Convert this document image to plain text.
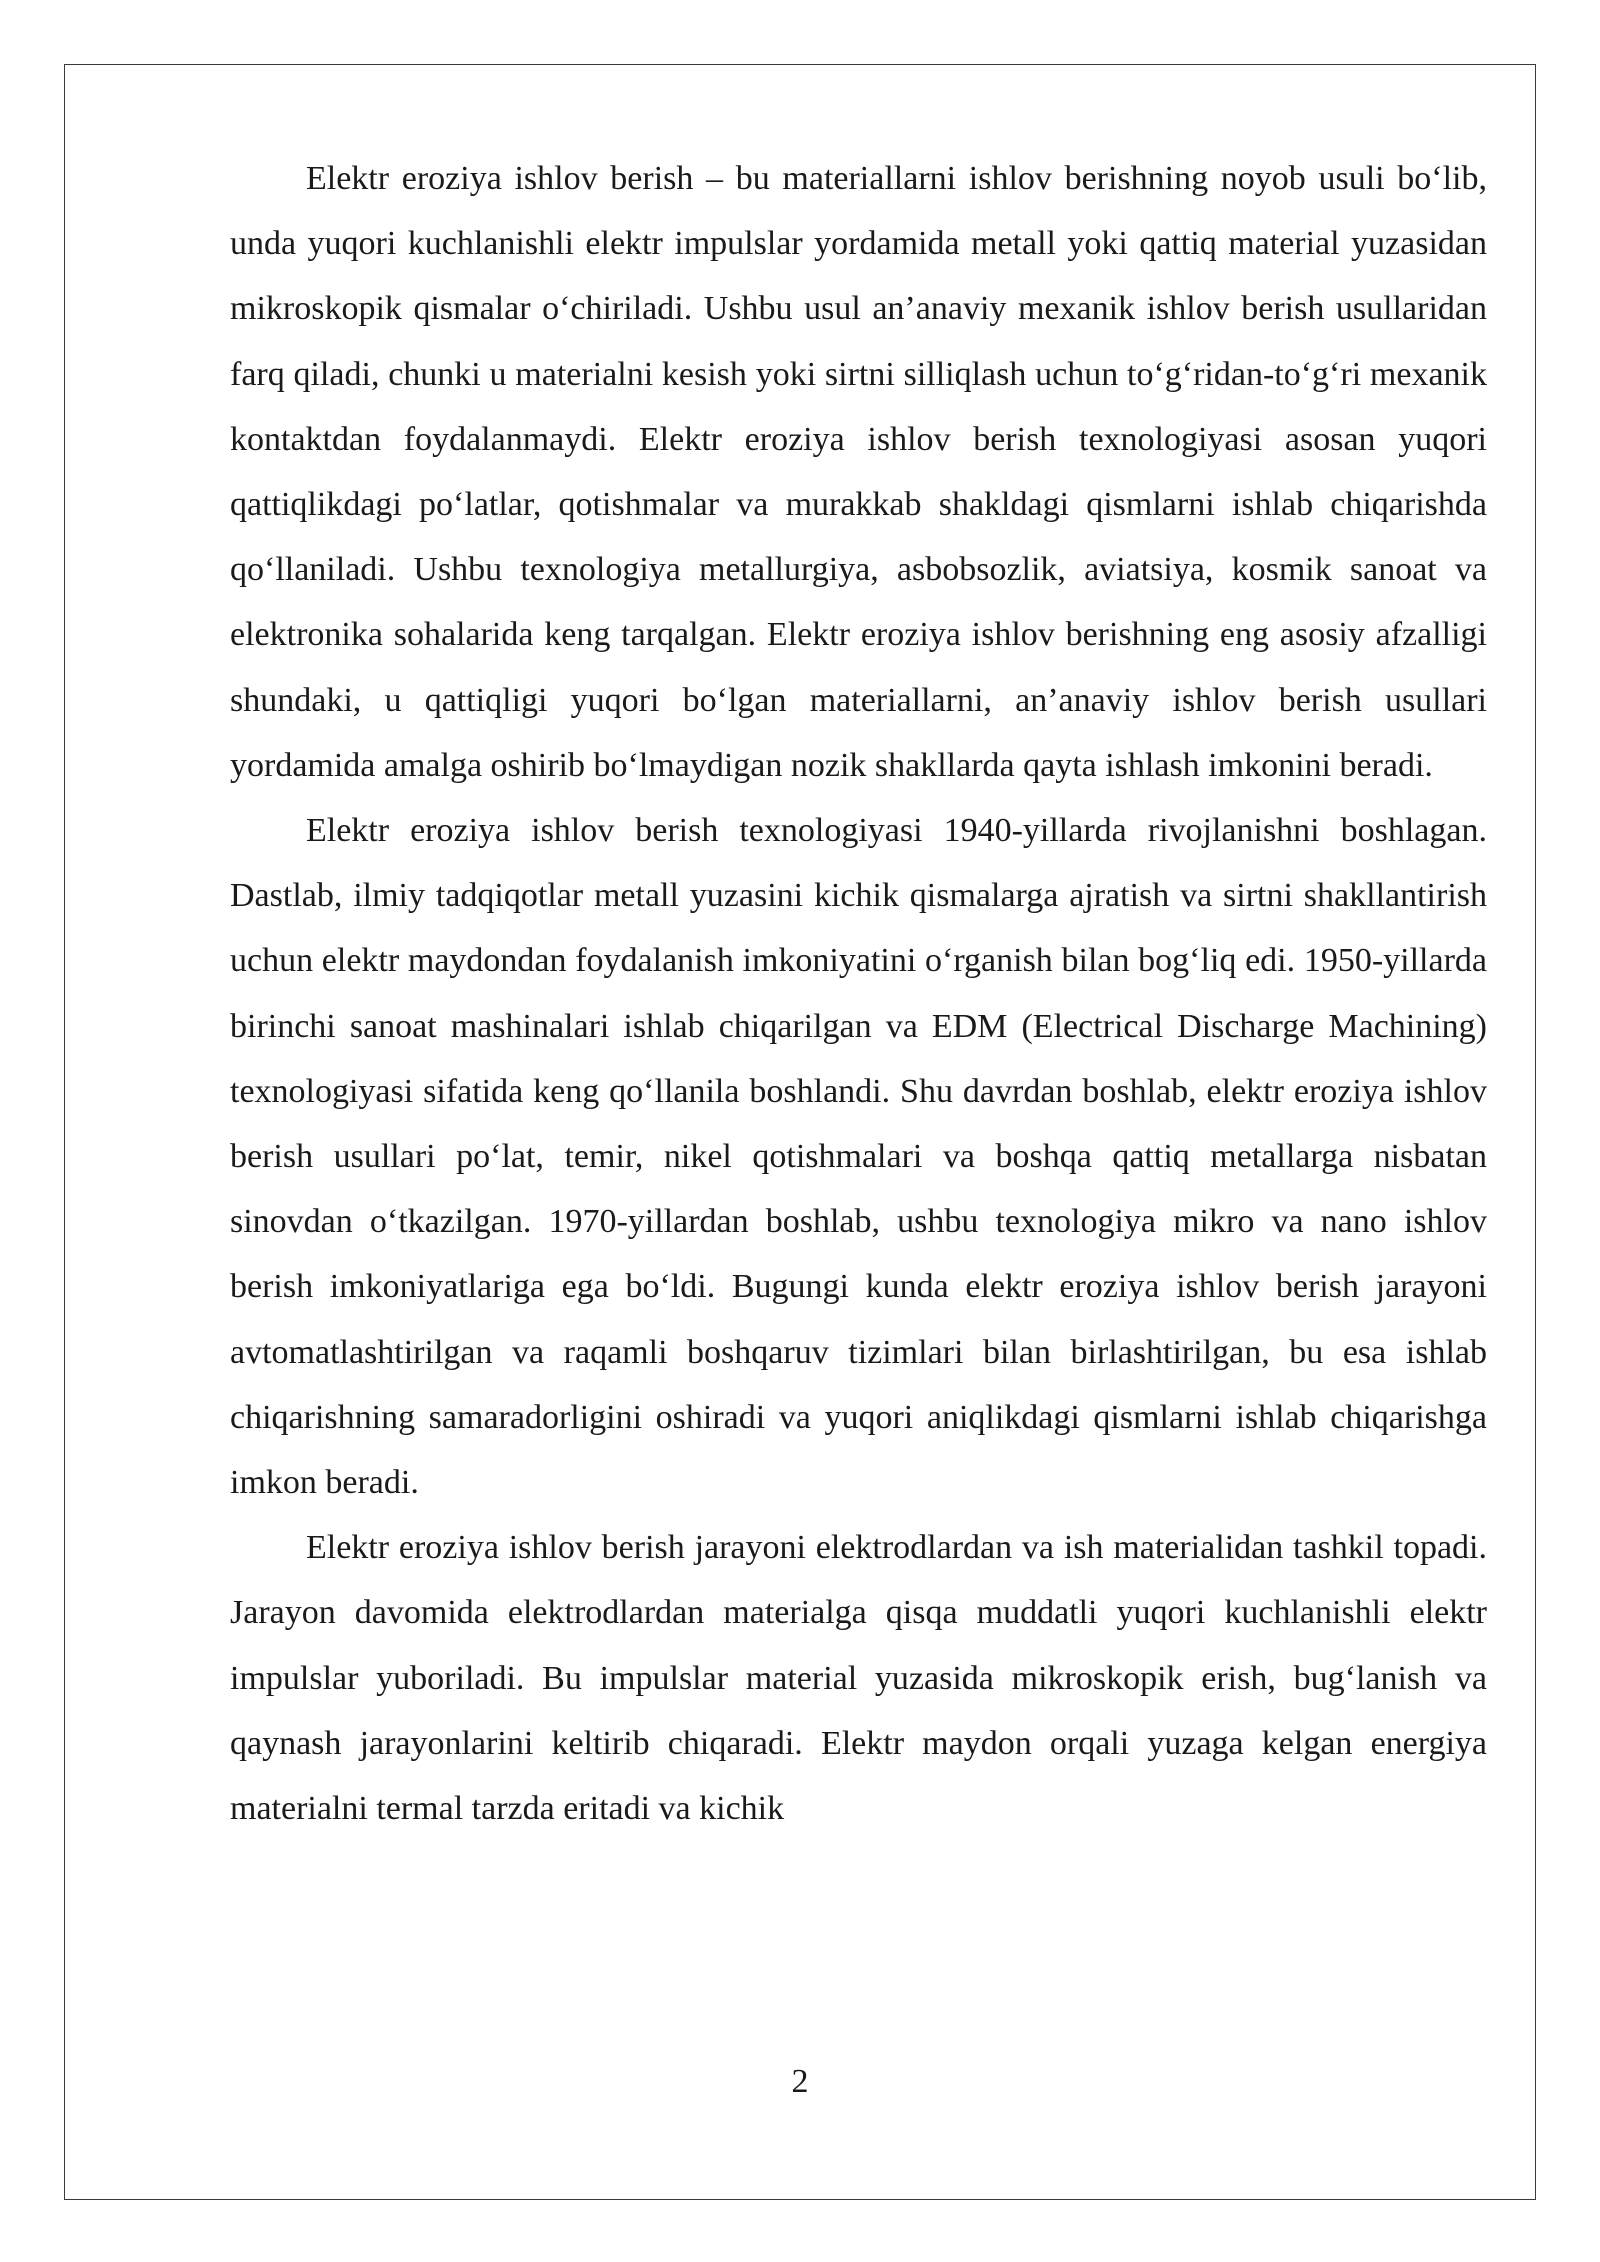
Elektr eroziya ishlov berish – bu materiallarni ishlov berishning noyob usuli bo‘lib, unda yuqori kuchlanishli elektr impulslar yordamida metall yoki qattiq material yuzasidan mikroskopik qismalar o‘chiriladi. Ushbu usul an’anaviy mexanik ishlov berish usullaridan farq qiladi, chunki u materialni kesish yoki sirtni silliqlash uchun to‘g‘ridan-to‘g‘ri mexanik kontaktdan foydalanmaydi. Elektr eroziya ishlov berish texnologiyasi asosan yuqori qattiqlikdagi po‘latlar, qotishmalar va murakkab shakldagi qismlarni ishlab chiqarishda qo‘llaniladi. Ushbu texnologiya metallurgiya, asbobsozlik, aviatsiya, kosmik sanoat va elektronika sohalarida keng tarqalgan. Elektr eroziya ishlov berishning eng asosiy afzalligi shundaki, u qattiqligi yuqori bo‘lgan materiallarni, an’anaviy ishlov berish usullari yordamida amalga oshirib bo‘lmaydigan nozik shakllarda qayta ishlash imkonini beradi.

Elektr eroziya ishlov berish texnologiyasi 1940-yillarda rivojlanishni boshlagan. Dastlab, ilmiy tadqiqotlar metall yuzasini kichik qismalarga ajratish va sirtni shakllantirish uchun elektr maydondan foydalanish imkoniyatini o‘rganish bilan bog‘liq edi. 1950-yillarda birinchi sanoat mashinalari ishlab chiqarilgan va EDM (Electrical Discharge Machining) texnologiyasi sifatida keng qo‘llanila boshlandi. Shu davrdan boshlab, elektr eroziya ishlov berish usullari po‘lat, temir, nikel qotishmalari va boshqa qattiq metallarga nisbatan sinovdan o‘tkazilgan. 1970-yillardan boshlab, ushbu texnologiya mikro va nano ishlov berish imkoniyatlariga ega bo‘ldi. Bugungi kunda elektr eroziya ishlov berish jarayoni avtomatlashtirilgan va raqamli boshqaruv tizimlari bilan birlashtirilgan, bu esa ishlab chiqarishning samaradorligini oshiradi va yuqori aniqlikdagi qismlarni ishlab chiqarishga imkon beradi.

Elektr eroziya ishlov berish jarayoni elektrodlardan va ish materialidan tashkil topadi. Jarayon davomida elektrodlardan materialga qisqa muddatli yuqori kuchlanishli elektr impulslar yuboriladi. Bu impulslar material yuzasida mikroskopik erish, bug‘lanish va qaynash jarayonlarini keltirib chiqaradi. Elektr maydon orqali yuzaga kelgan energiya materialni termal tarzda eritadi va kichik

2
